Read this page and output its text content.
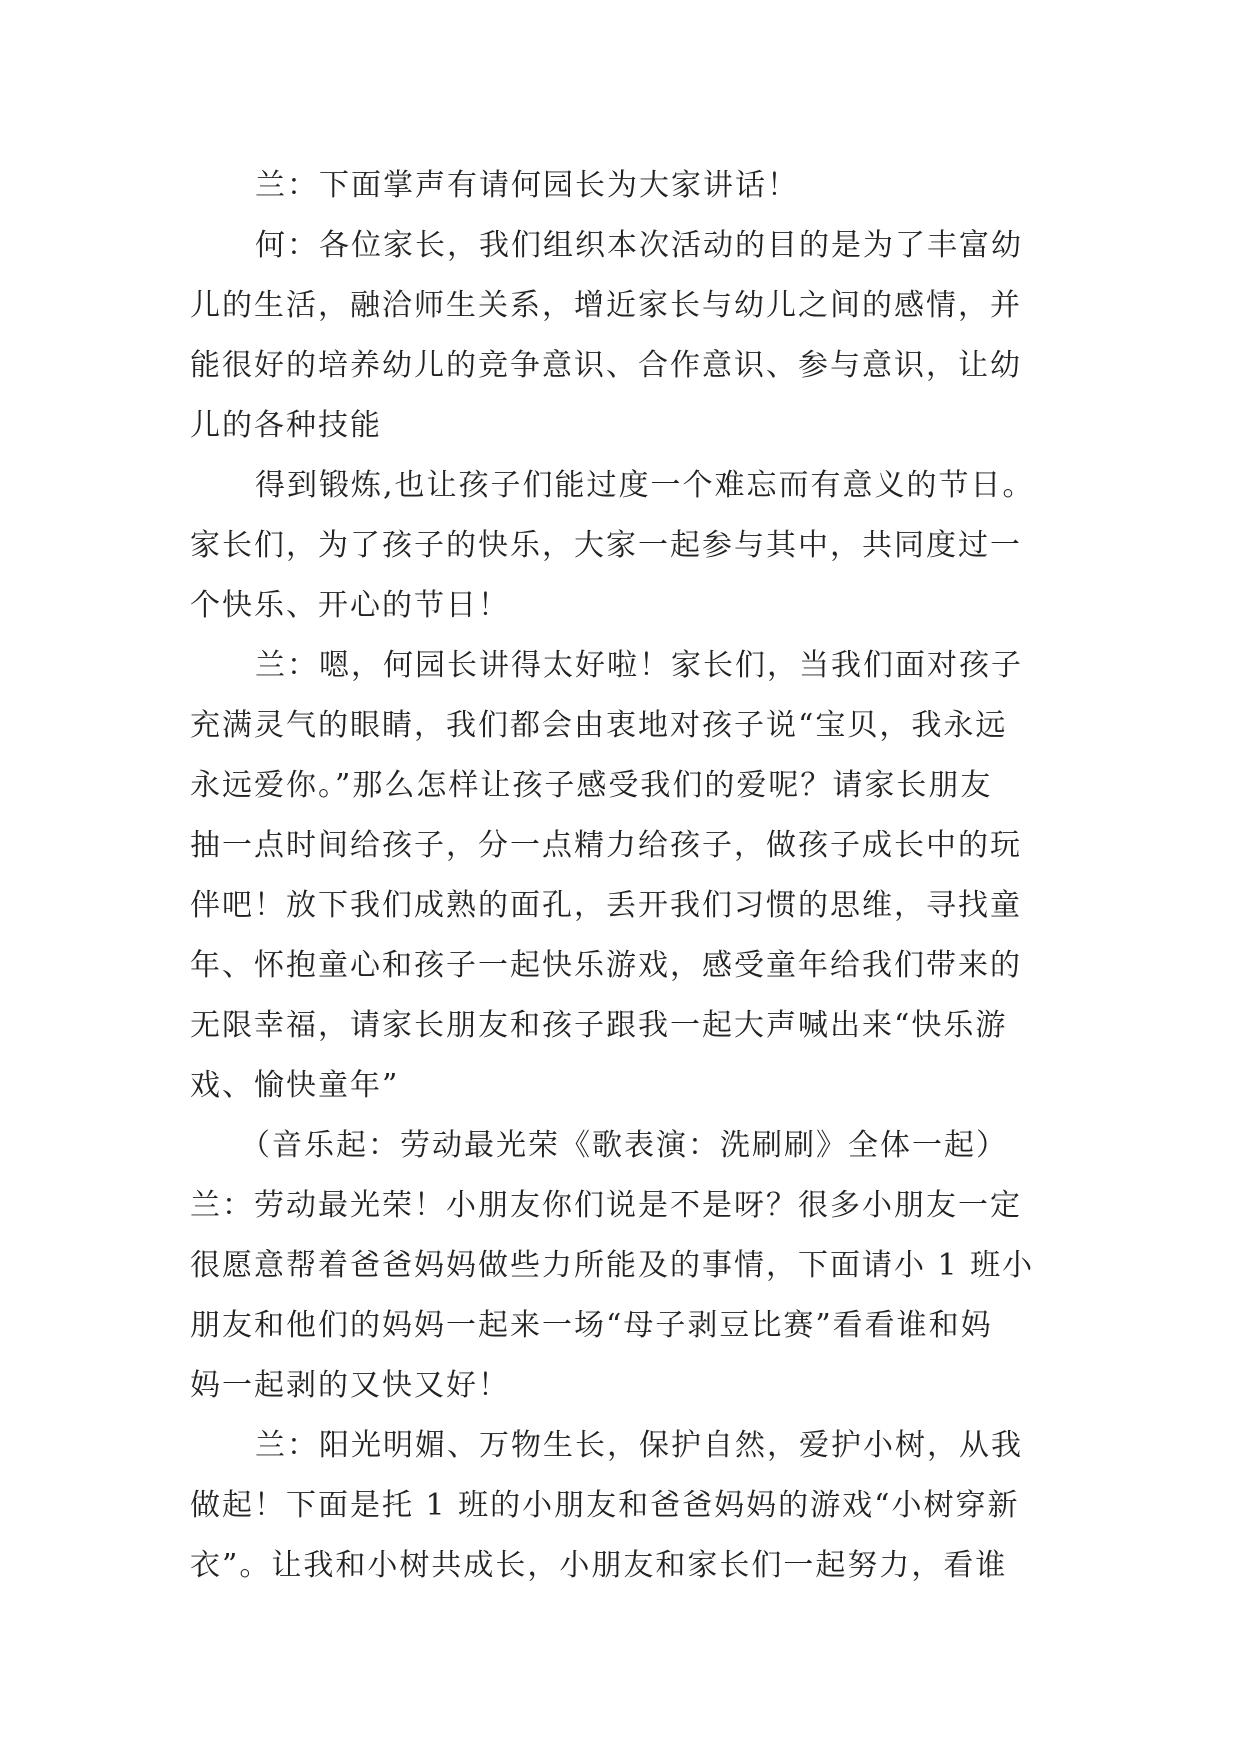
兰：下面掌声有请何园长为大家讲话！
何：各位家长，我们组织本次活动的目的是为了丰富幼
儿的生活，融洽师生关系，增近家长与幼儿之间的感情，并
能很好的培养幼儿的竞争意识、合作意识、参与意识，让幼
儿的各种技能
得到锻炼,也让孩子们能过度一个难忘而有意义的节日。
家长们，为了孩子的快乐，大家一起参与其中，共同度过一
个快乐、开心的节日！
兰：嗯，何园长讲得太好啦！家长们，当我们面对孩子
充满灵气的眼睛，我们都会由衷地对孩子说“宝贝，我永远
永远爱你。”那么怎样让孩子感受我们的爱呢？请家长朋友
抽一点时间给孩子，分一点精力给孩子，做孩子成长中的玩
伴吧！放下我们成熟的面孔，丢开我们习惯的思维，寻找童
年、怀抱童心和孩子一起快乐游戏，感受童年给我们带来的
无限幸福，请家长朋友和孩子跟我一起大声喊出来“快乐游
戏、愉快童年”
（音乐起：劳动最光荣《歌表演：洗刷刷》全体一起）
兰：劳动最光荣！小朋友你们说是不是呀？很多小朋友一定
很愿意帮着爸爸妈妈做些力所能及的事情，下面请小 1 班小
朋友和他们的妈妈一起来一场“母子剥豆比赛”看看谁和妈
妈一起剥的又快又好！
兰：阳光明媚、万物生长，保护自然，爱护小树，从我
做起！下面是托 1 班的小朋友和爸爸妈妈的游戏“小树穿新
衣”。让我和小树共成长，小朋友和家长们一起努力，看谁
